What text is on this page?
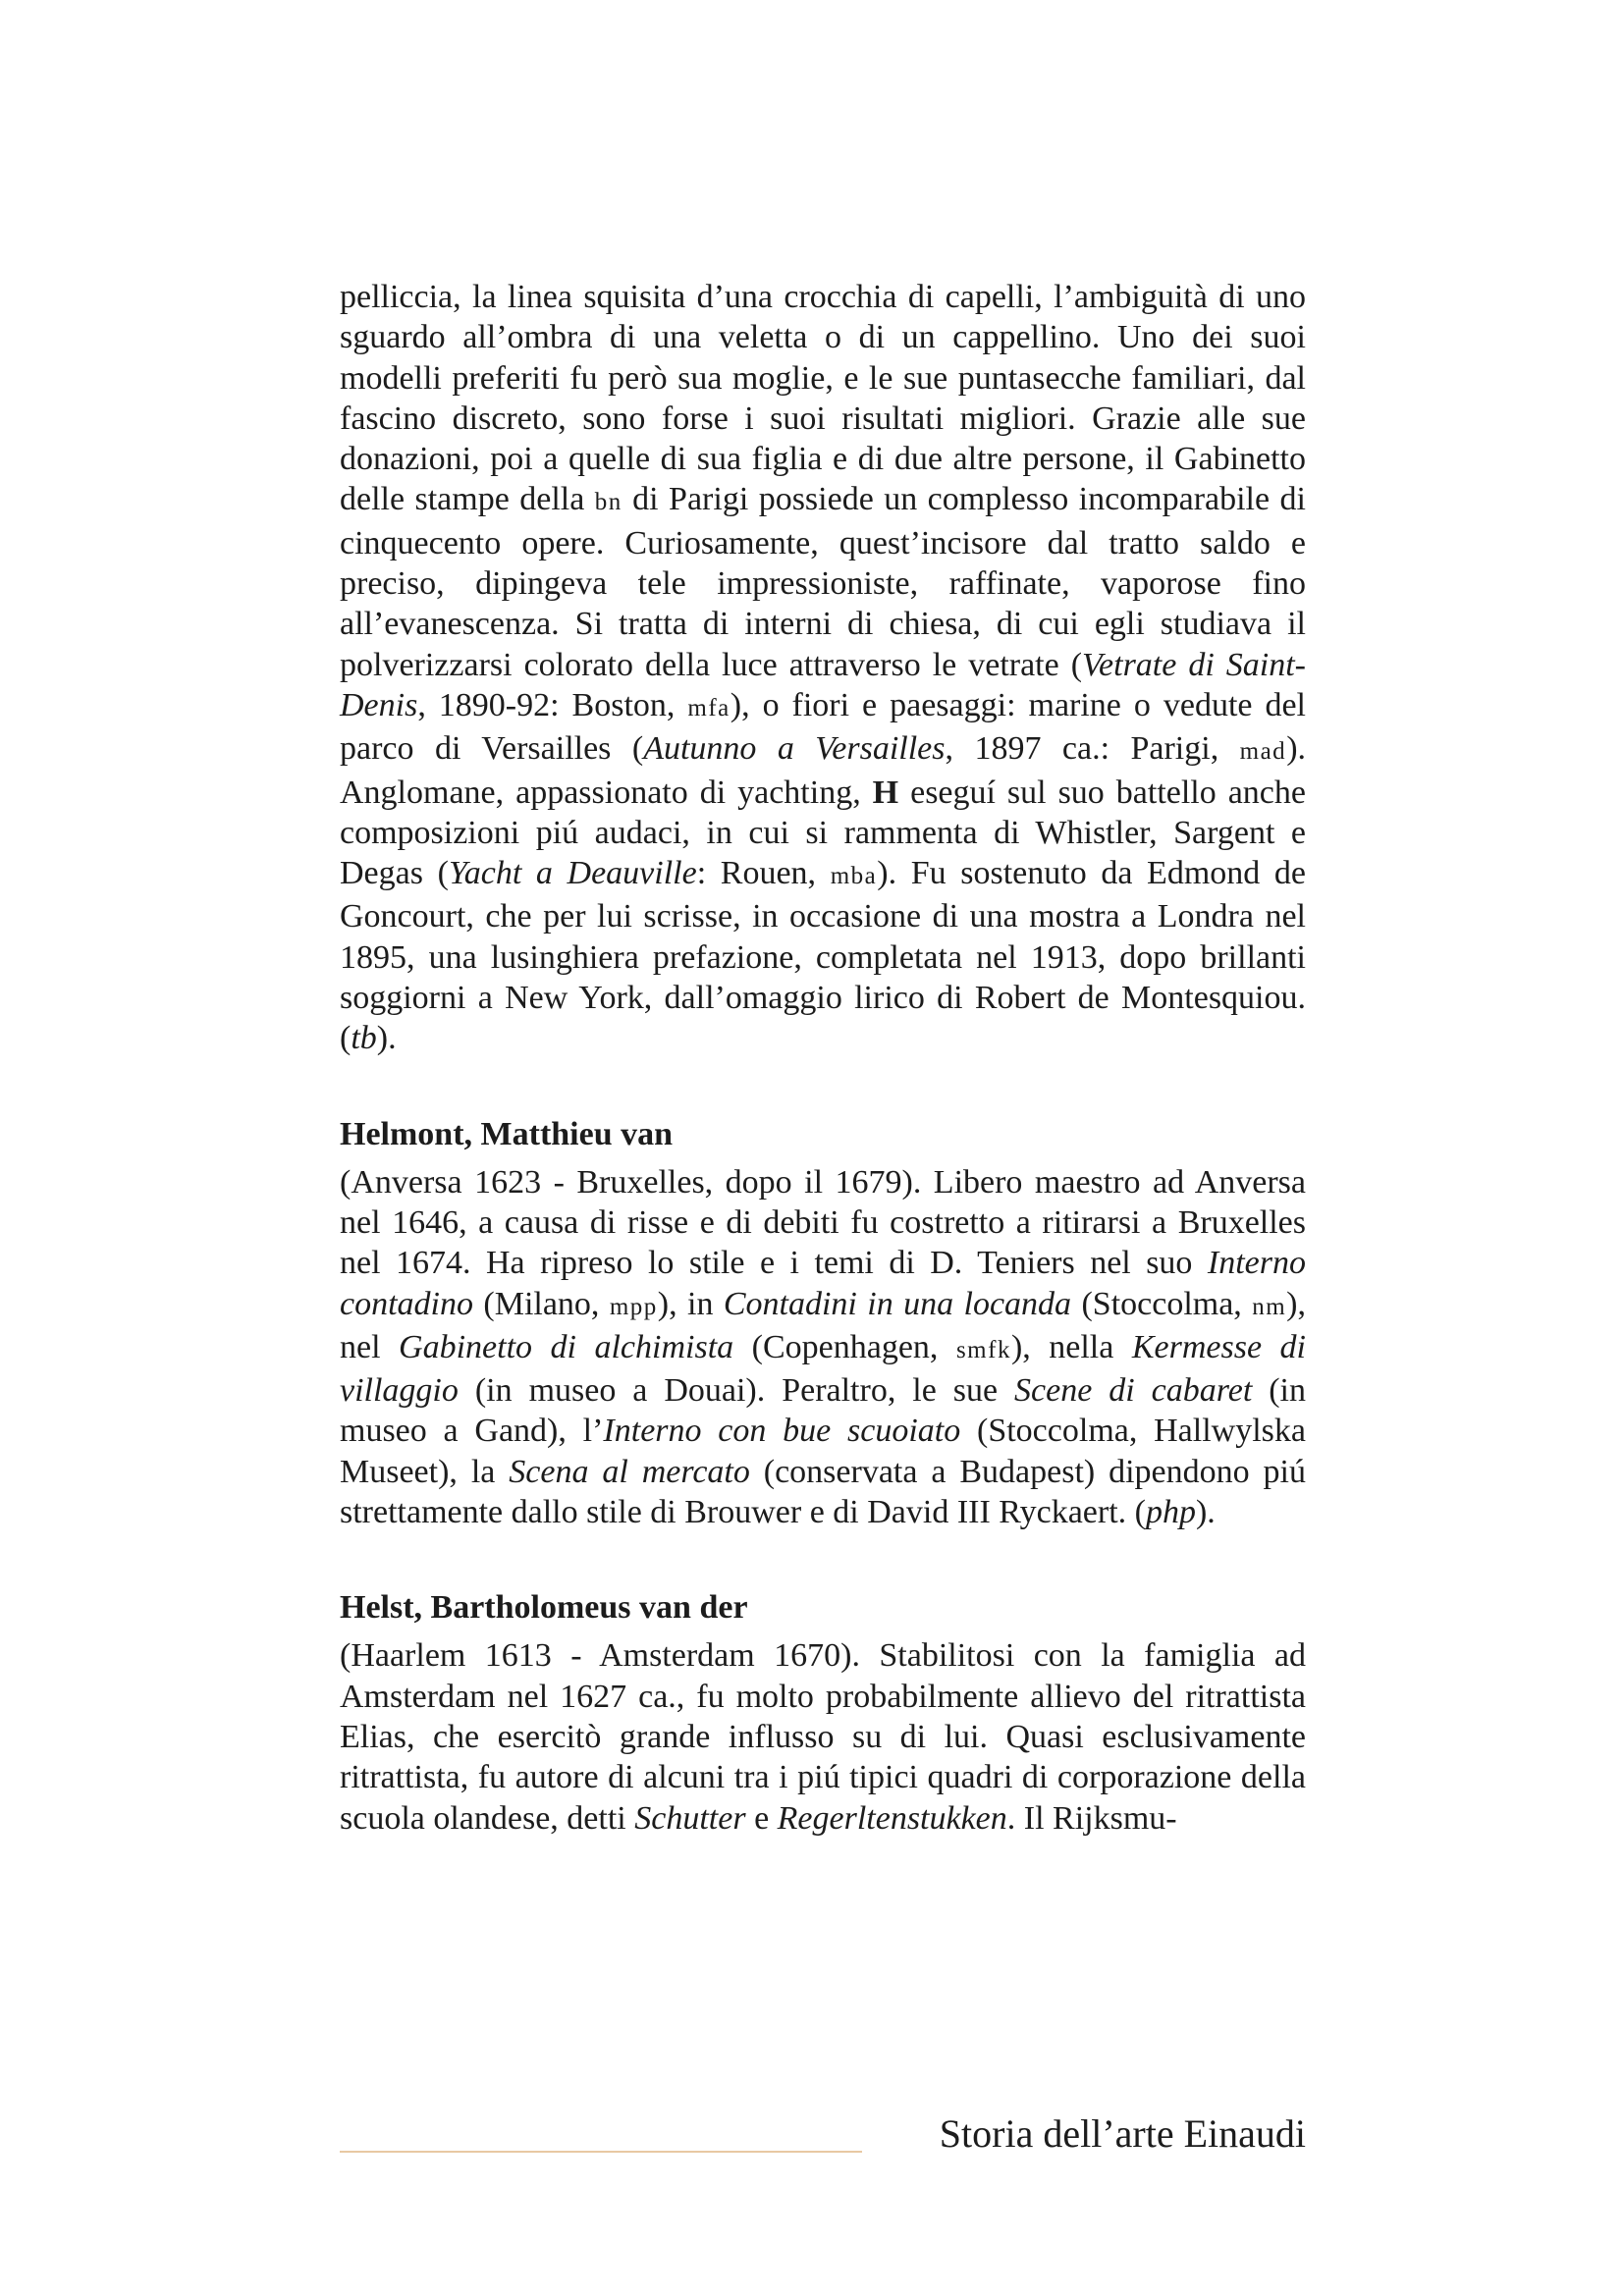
pelliccia, la linea squisita d’una crocchia di capelli, l’ambiguità di uno sguardo all’ombra di una veletta o di un cappellino. Uno dei suoi modelli preferiti fu però sua moglie, e le sue puntasecche familiari, dal fascino discreto, sono forse i suoi risultati migliori. Grazie alle sue donazioni, poi a quelle di sua figlia e di due altre persone, il Gabinetto delle stampe della bn di Parigi possiede un complesso incomparabile di cinquecento opere. Curiosamente, quest’incisore dal tratto saldo e preciso, dipingeva tele impressioniste, raffinate, vaporose fino all’evanescenza. Si tratta di interni di chiesa, di cui egli studiava il polverizzarsi colorato della luce attraverso le vetrate (Vetrate di Saint-Denis, 1890-92: Boston, mfa), o fiori e paesaggi: marine o vedute del parco di Versailles (Autunno a Versailles, 1897 ca.: Parigi, mad). Anglomane, appassionato di yachting, H eseguí sul suo battello anche composizioni piú audaci, in cui si rammenta di Whistler, Sargent e Degas (Yacht a Deauville: Rouen, mba). Fu sostenuto da Edmond de Goncourt, che per lui scrisse, in occasione di una mostra a Londra nel 1895, una lusinghiera prefazione, completata nel 1913, dopo brillanti soggiorni a New York, dall’omaggio lirico di Robert de Montesquiou. (tb).

Helmont, Matthieu van

(Anversa 1623 - Bruxelles, dopo il 1679). Libero maestro ad Anversa nel 1646, a causa di risse e di debiti fu costretto a ritirarsi a Bruxelles nel 1674. Ha ripreso lo stile e i temi di D. Teniers nel suo Interno contadino (Milano, mpp), in Contadini in una locanda (Stoccolma, nm), nel Gabinetto di alchimista (Copenhagen, smfk), nella Kermesse di villaggio (in museo a Douai). Peraltro, le sue Scene di cabaret (in museo a Gand), l’Interno con bue scuoiato (Stoccolma, Hallwylska Museet), la Scena al mercato (conservata a Budapest) dipendono piú strettamente dallo stile di Brouwer e di David III Ryckaert. (php).

Helst, Bartholomeus van der

(Haarlem 1613 - Amsterdam 1670). Stabilitosi con la famiglia ad Amsterdam nel 1627 ca., fu molto probabilmente allievo del ritrattista Elias, che esercitò grande influsso su di lui. Quasi esclusivamente ritrattista, fu autore di alcuni tra i piú tipici quadri di corporazione della scuola olandese, detti Schutter e Regerltenstukken. Il Rijksmu-

Storia dell’arte Einaudi
